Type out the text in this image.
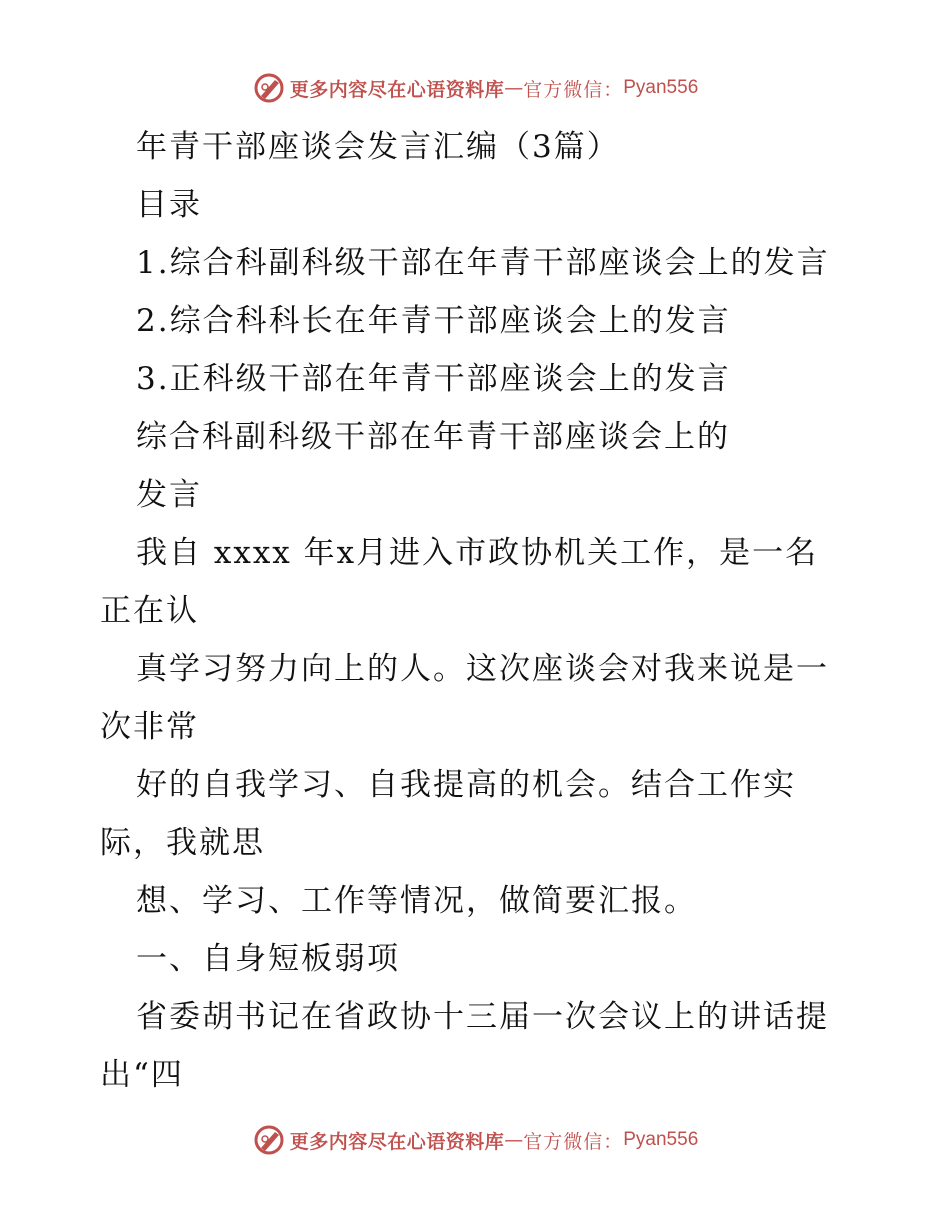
更多内容尽在心语资料库 — 官方微信： Pyan556
年青干部座谈会发言汇编（3篇）
目录
1.综合科副科级干部在年青干部座谈会上的发言
2.综合科科长在年青干部座谈会上的发言
3.正科级干部在年青干部座谈会上的发言
综合科副科级干部在年青干部座谈会上的
发言
我自 xxxx 年x月进入市政协机关工作，是一名
正在认
真学习努力向上的人。这次座谈会对我来说是一
次非常
好的自我学习、自我提高的机会。结合工作实
际，我就思
想、学习、工作等情况，做简要汇报。
一、自身短板弱项
省委胡书记在省政协十三届一次会议上的讲话提
出“四
更多内容尽在心语资料库 — 官方微信： Pyan556
